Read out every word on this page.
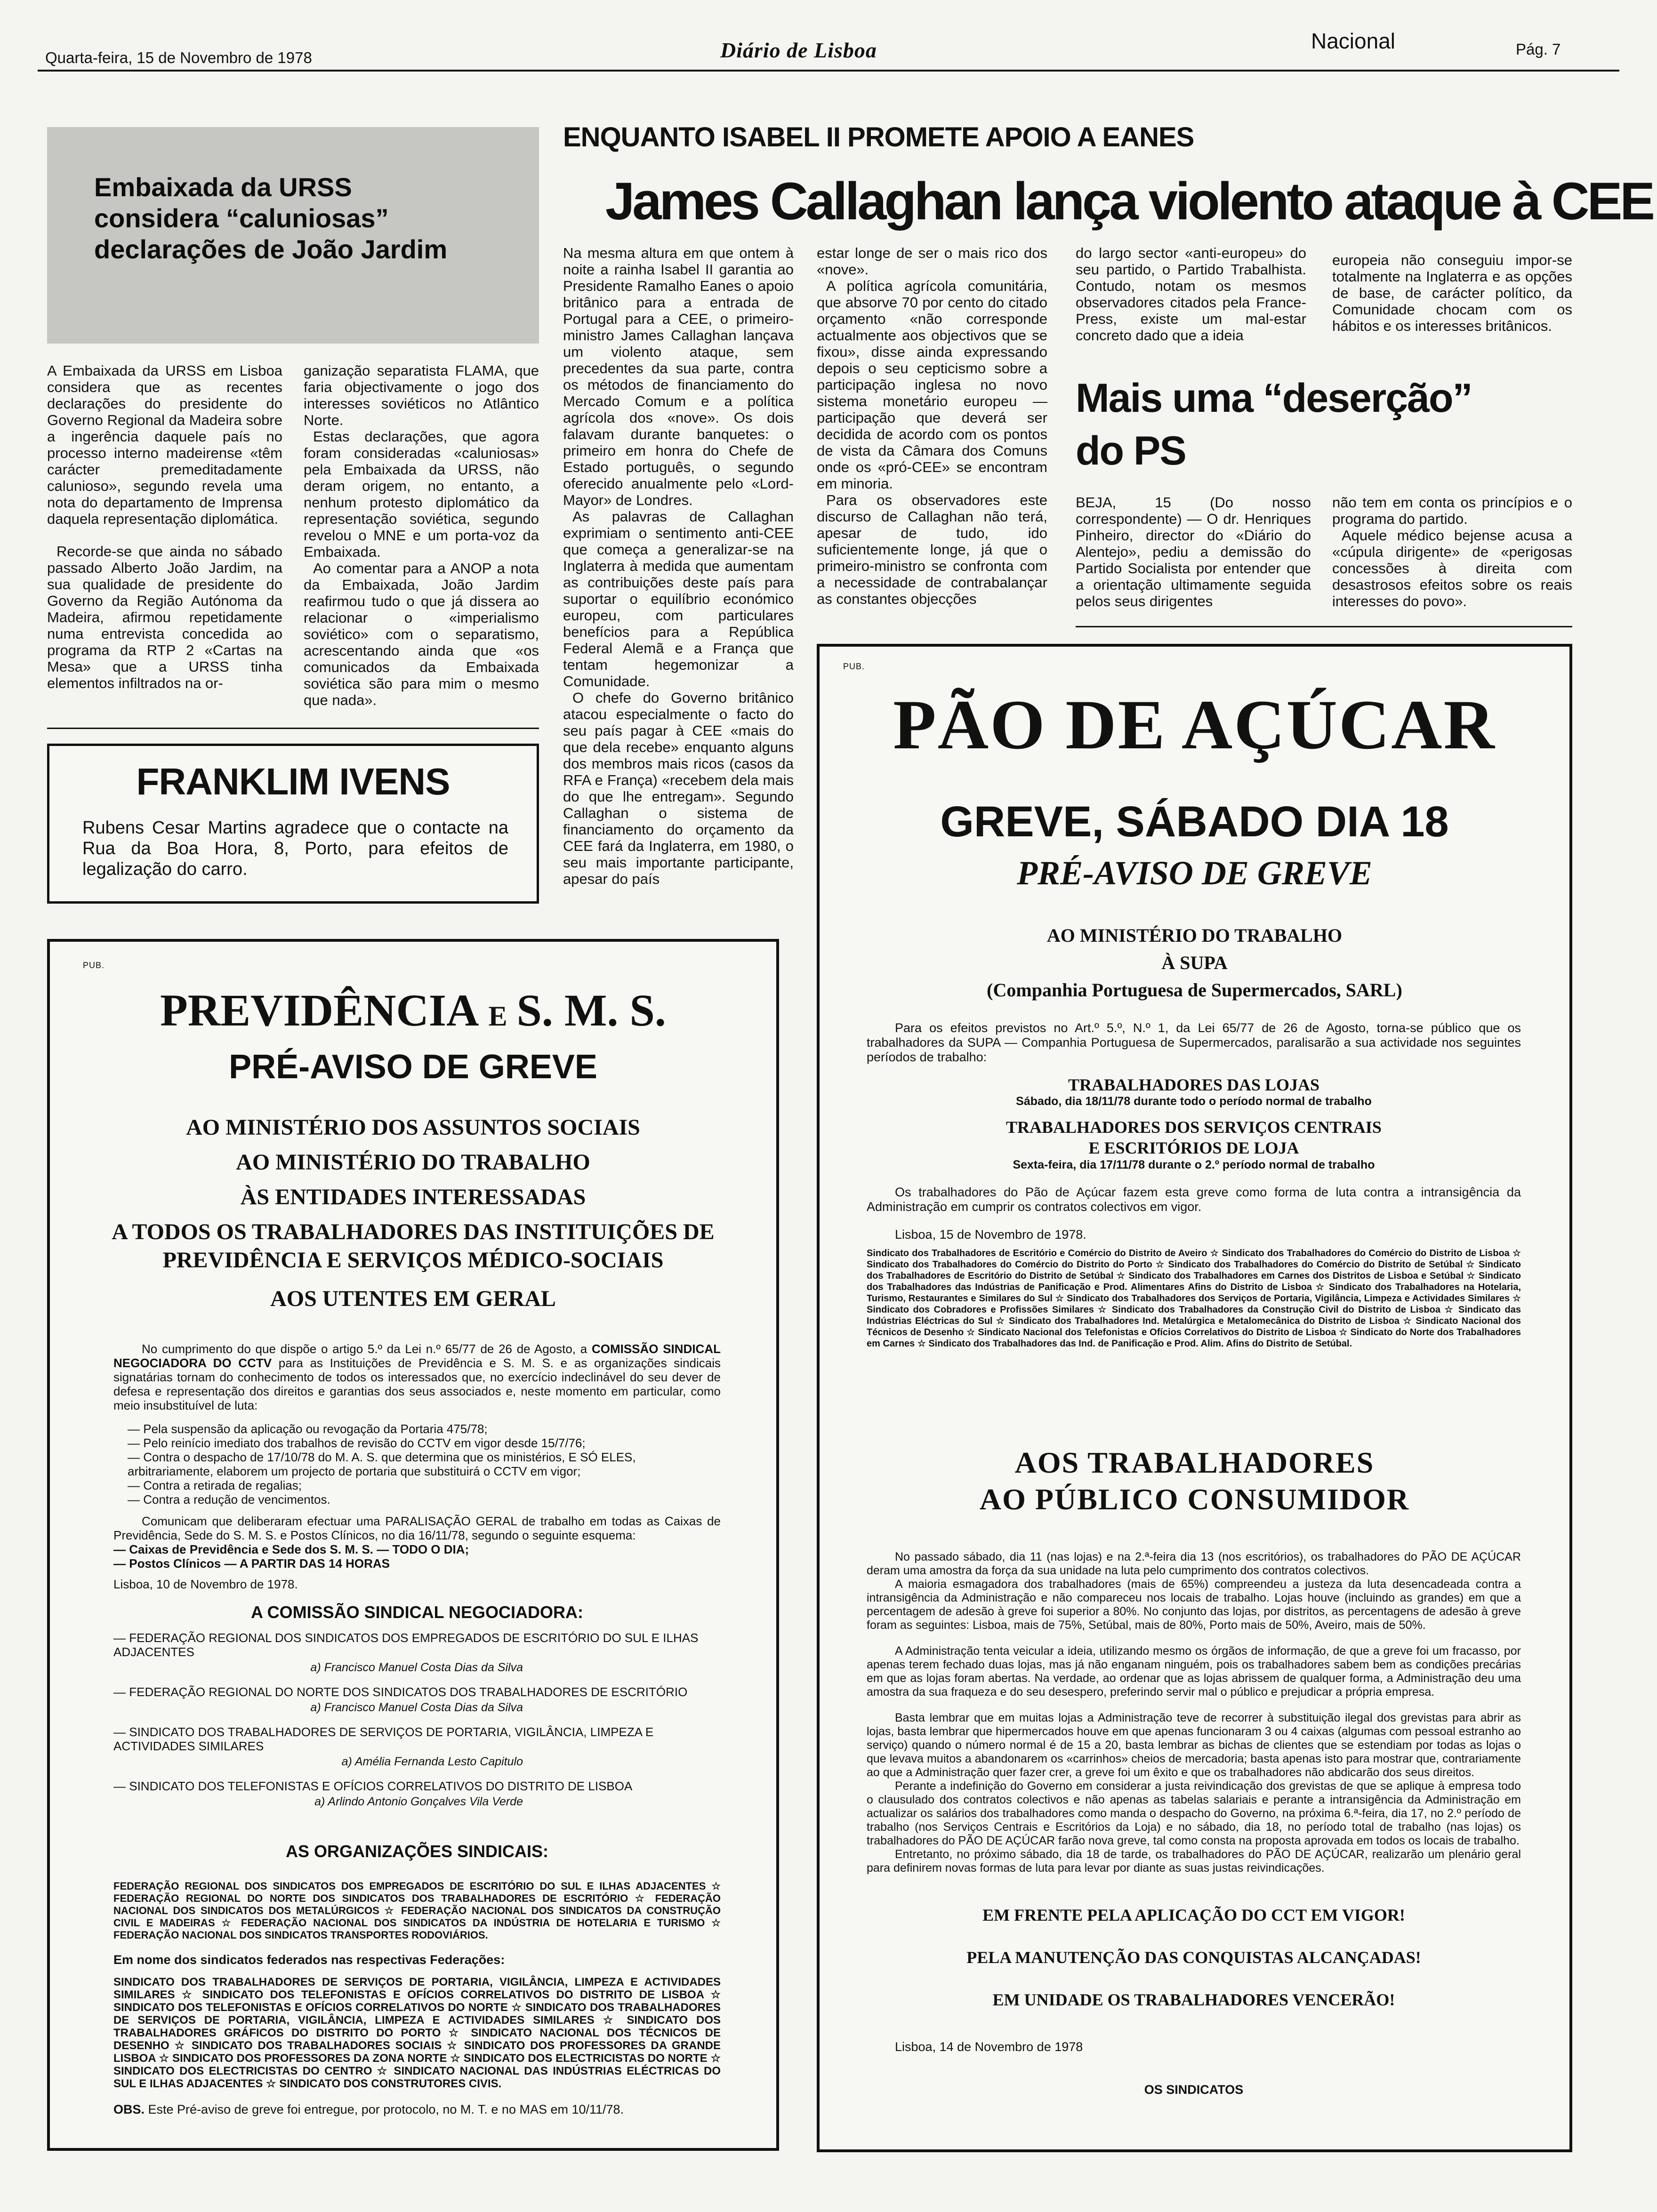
Quarta-feira, 15 de Novembro de 1978	Diário de Lisboa	Nacional	Pág. 7
Embaixada da URSS
considera “caluniosas”
declarações de João Jardim

A Embaixada da URSS em Lisboa considera que as recentes declarações do presidente do Governo Regional da Madeira sobre a ingerência daquele país no processo interno madeirense «têm carácter premeditadamente calunioso», segundo revela uma nota do departamento de Imprensa daquela representação diplomática.

Recorde-se que ainda no sábado passado Alberto João Jardim, na sua qualidade de presidente do Governo da Região Autónoma da Madeira, afirmou repetidamente numa entrevista concedida ao programa da RTP 2 «Cartas na Mesa» que a URSS tinha elementos infiltrados na or-

ganização separatista FLAMA, que faria objectivamente o jogo dos interesses soviéticos no Atlântico Norte.

Estas declarações, que agora foram consideradas «caluniosas» pela Embaixada da URSS, não deram origem, no entanto, a nenhum protesto diplomático da representação soviética, segundo revelou o MNE e um porta-voz da Embaixada.

Ao comentar para a ANOP a nota da Embaixada, João Jardim reafirmou tudo o que já dissera ao relacionar o «imperialismo soviético» com o separatismo, acrescentando ainda que «os comunicados da Embaixada soviética são para mim o mesmo que nada».

ENQUANTO ISABEL II PROMETE APOIO A EANES
James Callaghan lança violento ataque à CEE

Na mesma altura em que ontem à noite a rainha Isabel II garantia ao Presidente Ramalho Eanes o apoio britânico para a entrada de Portugal para a CEE, o primeiro-ministro James Callaghan lançava um violento ataque, sem precedentes da sua parte, contra os métodos de financiamento do Mercado Comum e a política agrícola dos «nove». Os dois falavam durante banquetes: o primeiro em honra do Chefe de Estado português, o segundo oferecido anualmente pelo «Lord-Mayor» de Londres.

As palavras de Callaghan exprimiam o sentimento anti-CEE que começa a generalizar-se na Inglaterra à medida que aumentam as contribuições deste país para suportar o equilíbrio económico europeu, com particulares benefícios para a República Federal Alemã e a França que tentam hegemonizar a Comunidade.

O chefe do Governo britânico atacou especialmente o facto do seu país pagar à CEE «mais do que dela recebe» enquanto alguns dos membros mais ricos (casos da RFA e França) «recebem dela mais do que lhe entregam». Segundo Callaghan o sistema de financiamento do orçamento da CEE fará da Inglaterra, em 1980, o seu mais importante participante, apesar do país

estar longe de ser o mais rico dos «nove».

A política agrícola comunitária, que absorve 70 por cento do citado orçamento «não corresponde actualmente aos objectivos que se fixou», disse ainda expressando depois o seu cepticismo sobre a participação inglesa no novo sistema monetário europeu — participação que deverá ser decidida de acordo com os pontos de vista da Câmara dos Comuns onde os «pró-CEE» se encontram em minoria.

Para os observadores este discurso de Callaghan não terá, apesar de tudo, ido suficientemente longe, já que o primeiro-ministro se confronta com a necessidade de contrabalançar as constantes objecções

do largo sector «anti-europeu» do seu partido, o Partido Trabalhista. Contudo, notam os mesmos observadores citados pela France-Press, existe um mal-estar concreto dado que a ideia

europeia não conseguiu impor-se totalmente na Inglaterra e as opções de base, de carácter político, da Comunidade chocam com os hábitos e os interesses britânicos.

Mais uma “deserção”
do PS

BEJA, 15 (Do nosso correspondente) — O dr. Henriques Pinheiro, director do «Diário do Alentejo», pediu a demissão do Partido Socialista por entender que a orientação ultimamente seguida pelos seus dirigentes

não tem em conta os princípios e o programa do partido.

Aquele médico bejense acusa a «cúpula dirigente» de «perigosas concessões à direita com desastrosos efeitos sobre os reais interesses do povo».

FRANKLIM IVENS
Rubens Cesar Martins agradece que o contacte na Rua da Boa Hora, 8, Porto, para efeitos de legalização do carro.
PUB.
PREVIDÊNCIA E S. M. S.
PRÉ-AVISO DE GREVE
AO MINISTÉRIO DOS ASSUNTOS SOCIAIS
AO MINISTÉRIO DO TRABALHO
ÀS ENTIDADES INTERESSADAS
A TODOS OS TRABALHADORES DAS INSTITUIÇÕES DE
PREVIDÊNCIA E SERVIÇOS MÉDICO-SOCIAIS
AOS UTENTES EM GERAL

No cumprimento do que dispõe o artigo 5.º da Lei n.º 65/77 de 26 de Agosto, a COMISSÃO SINDICAL NEGOCIADORA DO CCTV para as Instituições de Previdência e S. M. S. e as organizações sindicais signatárias tornam do conhecimento de todos os interessados que, no exercício indeclinável do seu dever de defesa e representação dos direitos e garantias dos seus associados e, neste momento em particular, como meio insubstituível de luta:

— Pela suspensão da aplicação ou revogação da Portaria 475/78;
— Pelo reinício imediato dos trabalhos de revisão do CCTV em vigor desde 15/7/76;
— Contra o despacho de 17/10/78 do M. A. S. que determina que os ministérios, E SÓ ELES, arbitrariamente, elaborem um projecto de portaria que substituirá o CCTV em vigor;
— Contra a retirada de regalias;
— Contra a redução de vencimentos.

Comunicam que deliberaram efectuar uma PARALISAÇÃO GERAL de trabalho em todas as Caixas de Previdência, Sede do S. M. S. e Postos Clínicos, no dia 16/11/78, segundo o seguinte esquema:

— Caixas de Previdência e Sede dos S. M. S. — TODO O DIA;
— Postos Clínicos — A PARTIR DAS 14 HORAS
Lisboa, 10 de Novembro de 1978.
A COMISSÃO SINDICAL NEGOCIADORA:
— FEDERAÇÃO REGIONAL DOS SINDICATOS DOS EMPREGADOS DE ESCRITÓRIO DO SUL E ILHAS ADJACENTES
a) Francisco Manuel Costa Dias da Silva
— FEDERAÇÃO REGIONAL DO NORTE DOS SINDICATOS DOS TRABALHADORES DE ESCRITÓRIO
a) Francisco Manuel Costa Dias da Silva
— SINDICATO DOS TRABALHADORES DE SERVIÇOS DE PORTARIA, VIGILÂNCIA, LIMPEZA E ACTIVIDADES SIMILARES
a) Amélia Fernanda Lesto Capitulo
— SINDICATO DOS TELEFONISTAS E OFÍCIOS CORRELATIVOS DO DISTRITO DE LISBOA
a) Arlindo Antonio Gonçalves Vila Verde
AS ORGANIZAÇÕES SINDICAIS:

FEDERAÇÃO REGIONAL DOS SINDICATOS DOS EMPREGADOS DE ESCRITÓRIO DO SUL E ILHAS ADJACENTES ☆ FEDERAÇÃO REGIONAL DO NORTE DOS SINDICATOS DOS TRABALHADORES DE ESCRITÓRIO ☆ FEDERAÇÃO NACIONAL DOS SINDICATOS DOS METALÚRGICOS ☆ FEDERAÇÃO NACIONAL DOS SINDICATOS DA CONSTRUÇÃO CIVIL E MADEIRAS ☆ FEDERAÇÃO NACIONAL DOS SINDICATOS DA INDÚSTRIA DE HOTELARIA E TURISMO ☆ FEDERAÇÃO NACIONAL DOS SINDICATOS TRANSPORTES RODOVIÁRIOS.

Em nome dos sindicatos federados nas respectivas Federações:

SINDICATO DOS TRABALHADORES DE SERVIÇOS DE PORTARIA, VIGILÂNCIA, LIMPEZA E ACTIVIDADES SIMILARES ☆ SINDICATO DOS TELEFONISTAS E OFÍCIOS CORRELATIVOS DO DISTRITO DE LISBOA ☆ SINDICATO DOS TELEFONISTAS E OFÍCIOS CORRELATIVOS DO NORTE ☆ SINDICATO DOS TRABALHADORES DE SERVIÇOS DE PORTARIA, VIGILÂNCIA, LIMPEZA E ACTIVIDADES SIMILARES ☆ SINDICATO DOS TRABALHADORES GRÁFICOS DO DISTRITO DO PORTO ☆ SINDICATO NACIONAL DOS TÉCNICOS DE DESENHO ☆ SINDICATO DOS TRABALHADORES SOCIAIS ☆ SINDICATO DOS PROFESSORES DA GRANDE LISBOA ☆ SINDICATO DOS PROFESSORES DA ZONA NORTE ☆ SINDICATO DOS ELECTRICISTAS DO NORTE ☆ SINDICATO DOS ELECTRICISTAS DO CENTRO ☆ SINDICATO NACIONAL DAS INDÚSTRIAS ELÉCTRICAS DO SUL E ILHAS ADJACENTES ☆ SINDICATO DOS CONSTRUTORES CIVIS.

OBS. Este Pré-aviso de greve foi entregue, por protocolo, no M. T. e no MAS em 10/11/78.

PUB.
PÃO DE AÇÚCAR
GREVE, SÁBADO DIA 18
PRÉ-AVISO DE GREVE
AO MINISTÉRIO DO TRABALHO
À SUPA
(Companhia Portuguesa de Supermercados, SARL)

Para os efeitos previstos no Art.º 5.º, N.º 1, da Lei 65/77 de 26 de Agosto, torna-se público que os trabalhadores da SUPA — Companhia Portuguesa de Supermercados, paralisarão a sua actividade nos seguintes períodos de trabalho:

TRABALHADORES DAS LOJAS
Sábado, dia 18/11/78 durante todo o período normal de trabalho
TRABALHADORES DOS SERVIÇOS CENTRAIS
E ESCRITÓRIOS DE LOJA
Sexta-feira, dia 17/11/78 durante o 2.º período normal de trabalho

Os trabalhadores do Pão de Açúcar fazem esta greve como forma de luta contra a intransigência da Administração em cumprir os contratos colectivos em vigor.

Lisboa, 15 de Novembro de 1978.

Sindicato dos Trabalhadores de Escritório e Comércio do Distrito de Aveiro ☆ Sindicato dos Trabalhadores do Comércio do Distrito de Lisboa ☆ Sindicato dos Trabalhadores do Comércio do Distrito do Porto ☆ Sindicato dos Trabalhadores do Comércio do Distrito de Setúbal ☆ Sindicato dos Trabalhadores de Escritório do Distrito de Setúbal ☆ Sindicato dos Trabalhadores em Carnes dos Distritos de Lisboa e Setúbal ☆ Sindicato dos Trabalhadores das Indústrias de Panificação e Prod. Alimentares Afins do Distrito de Lisboa ☆ Sindicato dos Trabalhadores na Hotelaria, Turismo, Restaurantes e Similares do Sul ☆ Sindicato dos Trabalhadores dos Serviços de Portaria, Vigilância, Limpeza e Actividades Similares ☆ Sindicato dos Cobradores e Profissões Similares ☆ Sindicato dos Trabalhadores da Construção Civil do Distrito de Lisboa ☆ Sindicato das Indústrias Eléctricas do Sul ☆ Sindicato dos Trabalhadores Ind. Metalúrgica e Metalomecânica do Distrito de Lisboa ☆ Sindicato Nacional dos Técnicos de Desenho ☆ Sindicato Nacional dos Telefonistas e Ofícios Correlativos do Distrito de Lisboa ☆ Sindicato do Norte dos Trabalhadores em Carnes ☆ Sindicato dos Trabalhadores das Ind. de Panificação e Prod. Alim. Afins do Distrito de Setúbal.

AOS TRABALHADORES
AO PÚBLICO CONSUMIDOR

No passado sábado, dia 11 (nas lojas) e na 2.ª-feira dia 13 (nos escritórios), os trabalhadores do PÃO DE AÇÚCAR deram uma amostra da força da sua unidade na luta pelo cumprimento dos contratos colectivos.

A maioria esmagadora dos trabalhadores (mais de 65%) compreendeu a justeza da luta desencadeada contra a intransigência da Administração e não compareceu nos locais de trabalho. Lojas houve (incluindo as grandes) em que a percentagem de adesão à greve foi superior a 80%. No conjunto das lojas, por distritos, as percentagens de adesão à greve foram as seguintes: Lisboa, mais de 75%, Setúbal, mais de 80%, Porto mais de 50%, Aveiro, mais de 50%.

A Administração tenta veicular a ideia, utilizando mesmo os órgãos de informação, de que a greve foi um fracasso, por apenas terem fechado duas lojas, mas já não enganam ninguém, pois os trabalhadores sabem bem as condições precárias em que as lojas foram abertas. Na verdade, ao ordenar que as lojas abrissem de qualquer forma, a Administração deu uma amostra da sua fraqueza e do seu desespero, preferindo servir mal o público e prejudicar a própria empresa.

Basta lembrar que em muitas lojas a Administração teve de recorrer à substituição ilegal dos grevistas para abrir as lojas, basta lembrar que hipermercados houve em que apenas funcionaram 3 ou 4 caixas (algumas com pessoal estranho ao serviço) quando o número normal é de 15 a 20, basta lembrar as bichas de clientes que se estendiam por todas as lojas o que levava muitos a abandonarem os «carrinhos» cheios de mercadoria; basta apenas isto para mostrar que, contrariamente ao que a Administração quer fazer crer, a greve foi um êxito e que os trabalhadores não abdicarão dos seus direitos.

Perante a indefinição do Governo em considerar a justa reivindicação dos grevistas de que se aplique à empresa todo o clausulado dos contratos colectivos e não apenas as tabelas salariais e perante a intransigência da Administração em actualizar os salários dos trabalhadores como manda o despacho do Governo, na próxima 6.ª-feira, dia 17, no 2.º período de trabalho (nos Serviços Centrais e Escritórios da Loja) e no sábado, dia 18, no período total de trabalho (nas lojas) os trabalhadores do PÃO DE AÇÚCAR farão nova greve, tal como consta na proposta aprovada em todos os locais de trabalho.

Entretanto, no próximo sábado, dia 18 de tarde, os trabalhadores do PÃO DE AÇÚCAR, realizarão um plenário geral para definirem novas formas de luta para levar por diante as suas justas reivindicações.

EM FRENTE PELA APLICAÇÃO DO CCT EM VIGOR!
PELA MANUTENÇÃO DAS CONQUISTAS ALCANÇADAS!
EM UNIDADE OS TRABALHADORES VENCERÃO!
Lisboa, 14 de Novembro de 1978
OS SINDICATOS
